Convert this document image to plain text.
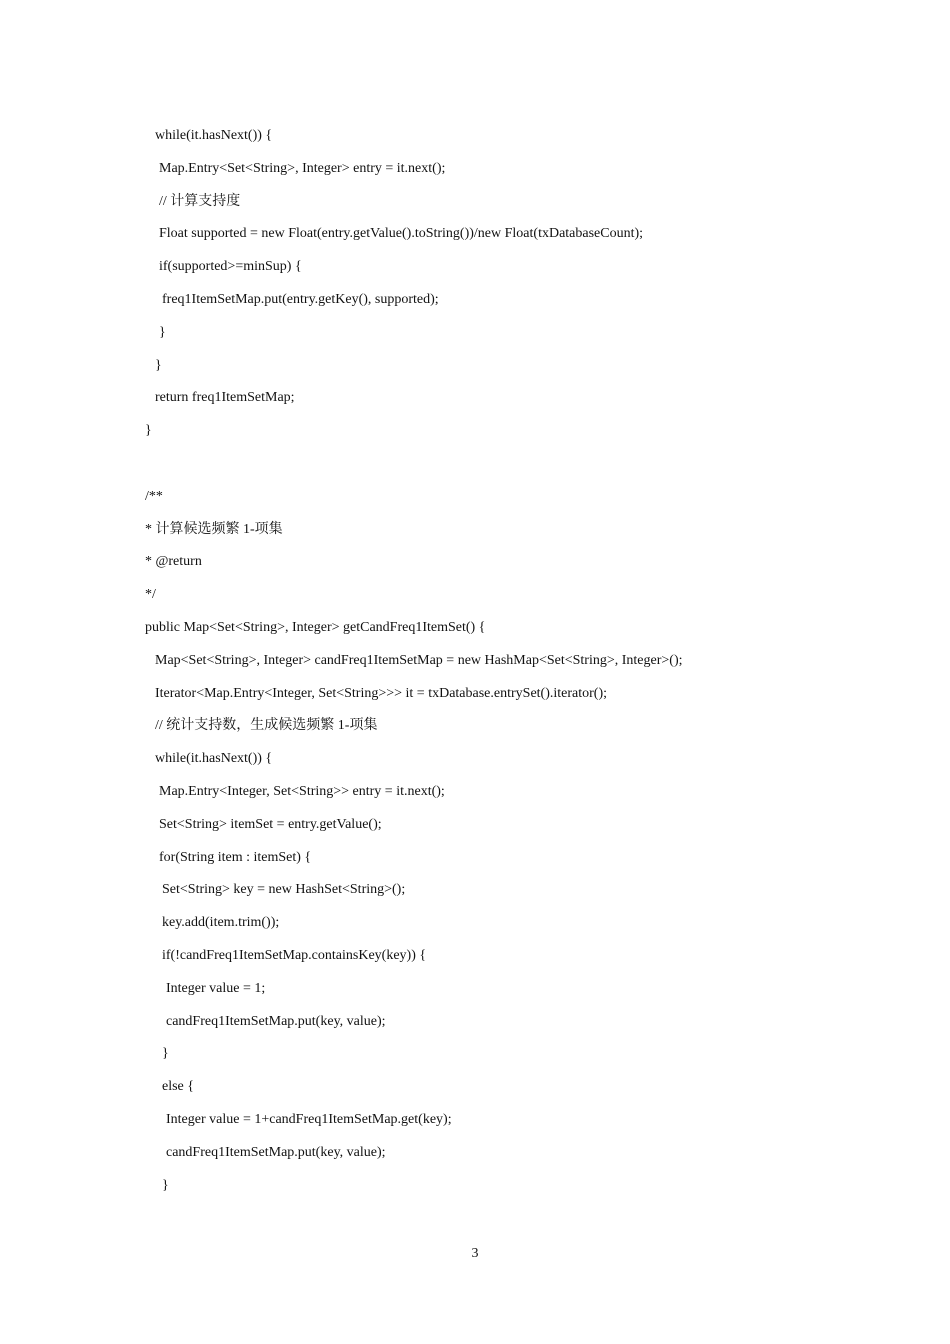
while(it.hasNext()) {
Map.Entry<Set<String>, Integer> entry = it.next();
// 计算支持度
Float supported = new Float(entry.getValue().toString())/new Float(txDatabaseCount);
if(supported>=minSup) {
freq1ItemSetMap.put(entry.getKey(), supported);
}
}
return freq1ItemSetMap;
}
/**
* 计算候选频繁 1-项集
* @return
*/
public Map<Set<String>, Integer> getCandFreq1ItemSet() {
Map<Set<String>, Integer> candFreq1ItemSetMap = new HashMap<Set<String>, Integer>();
Iterator<Map.Entry<Integer, Set<String>>> it = txDatabase.entrySet().iterator();
// 统计支持数，生成候选频繁 1-项集
while(it.hasNext()) {
Map.Entry<Integer, Set<String>> entry = it.next();
Set<String> itemSet = entry.getValue();
for(String item : itemSet) {
Set<String> key = new HashSet<String>();
key.add(item.trim());
if(!candFreq1ItemSetMap.containsKey(key)) {
Integer value = 1;
candFreq1ItemSetMap.put(key, value);
}
else {
Integer value = 1+candFreq1ItemSetMap.get(key);
candFreq1ItemSetMap.put(key, value);
}
3
